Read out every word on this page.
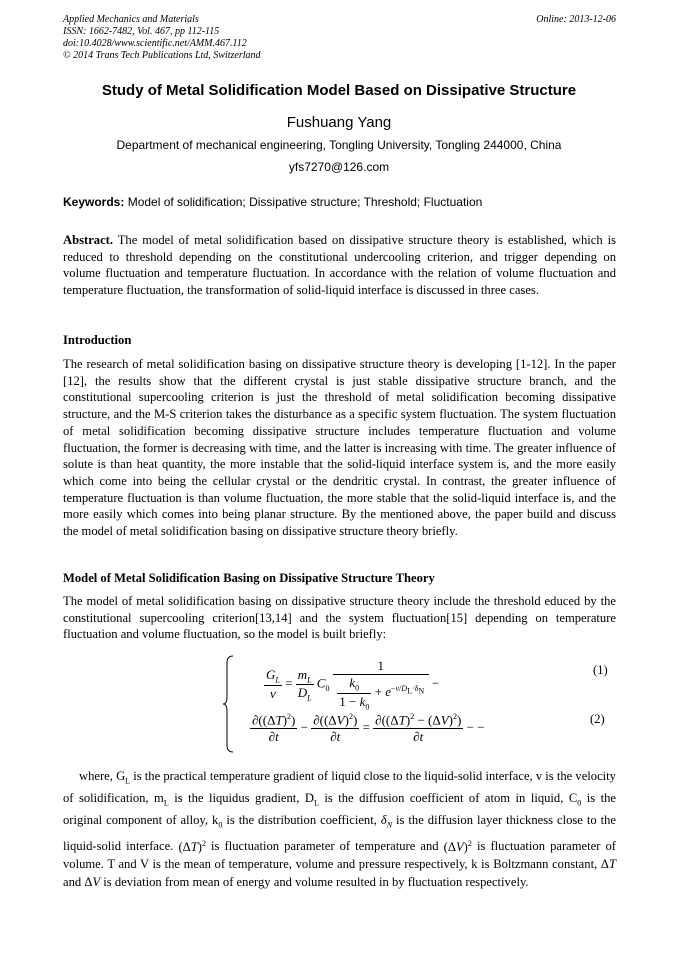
Applied Mechanics and Materials
ISSN: 1662-7482, Vol. 467, pp 112-115
doi:10.4028/www.scientific.net/AMM.467.112
© 2014 Trans Tech Publications Ltd, Switzerland
Online: 2013-12-06
Study of Metal Solidification Model Based on Dissipative Structure
Fushuang Yang
Department of mechanical engineering, Tongling University, Tongling 244000, China
yfs7270@126.com
Keywords: Model of solidification; Dissipative structure; Threshold; Fluctuation
Abstract. The model of metal solidification based on dissipative structure theory is established, which is reduced to threshold depending on the constitutional undercooling criterion, and trigger depending on volume fluctuation and temperature fluctuation. In accordance with the relation of volume fluctuation and temperature fluctuation, the transformation of solid-liquid interface is discussed in three cases.
Introduction
The research of metal solidification basing on dissipative structure theory is developing [1-12]. In the paper [12], the results show that the different crystal is just stable dissipative structure branch, and the constitutional supercooling criterion is just the threshold of metal solidification becoming dissipative structure, and the M-S criterion takes the disturbance as a specific system fluctuation. The system fluctuation of metal solidification becoming dissipative structure includes temperature fluctuation and volume fluctuation, the former is decreasing with time, and the latter is increasing with time. The greater influence of solute is than heat quantity, the more instable that the solid-liquid interface system is, and the more easily which come into being the cellular crystal or the dendritic crystal. In contrast, the greater influence of temperature fluctuation is than volume fluctuation, the more stable that the solid-liquid interface is, and the more easily which comes into being planar structure. By the mentioned above, the paper build and discuss the model of metal solidification basing on dissipative structure theory briefly.
Model of Metal Solidification Basing on Dissipative Structure Theory
The model of metal solidification basing on dissipative structure theory include the threshold educed by the constitutional supercooling criterion[13,14] and the system fluctuation[15] depending on temperature fluctuation and volume fluctuation, so the model is built briefly:
$\frac{G_L}{v} = \frac{m_L}{D_L} C_0 \frac{1}{\frac{k_0}{1 - k_0} + e^{-v/D_L\cdot\delta_N}}$ −
(1)
$\frac{\partial((\Delta T)^2)}{\partial t} - \frac{\partial((\Delta V)^2)}{\partial t} = \frac{\partial((\Delta T)^2 - (\Delta V)^2)}{\partial t}$ − −
(2)
where, $G_L$ is the practical temperature gradient of liquid close to the liquid-solid interface, v is the velocity of solidification, $m_L$ is the liquidus gradient, $D_L$ is the diffusion coefficient of atom in liquid, $C_0$ is the original component of alloy, $k_0$ is the distribution coefficient, $\delta_N$ is the diffusion layer thickness close to the liquid-solid interface. $(\Delta T)^2$ is fluctuation parameter of temperature and $(\Delta V)^2$ is fluctuation parameter of volume. T and V is the mean of temperature, volume and pressure respectively, k is Boltzmann constant, ΔT and ΔV is deviation from mean of energy and volume resulted in by fluctuation respectively.
